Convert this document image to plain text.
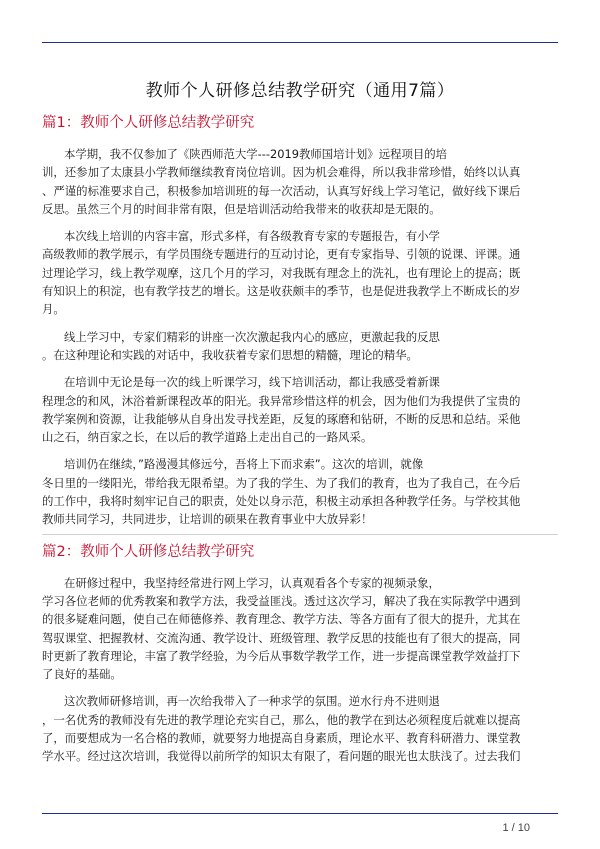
教师个人研修总结教学研究（通用7篇）
篇1：教师个人研修总结教学研究
本学期，我不仅参加了《陕西师范大学---2019教师国培计划》远程项目的培
训，还参加了太康县小学教师继续教育岗位培训。因为机会难得，所以我非常珍惜，始终以认真
、严谨的标准要求自己，积极参加培训班的每一次活动，认真写好线上学习笔记，做好线下课后
反思。虽然三个月的时间非常有限，但是培训活动给我带来的收获却是无限的。
本次线上培训的内容丰富，形式多样，有各级教育专家的专题报告，有小学
高级教师的教学展示，有学员围绕专题进行的互动讨论，更有专家指导、引领的说课、评课。通
过理论学习，线上教学观摩，这几个月的学习，对我既有理念上的洗礼，也有理论上的提高；既
有知识上的积淀，也有教学技艺的增长。这是收获颇丰的季节，也是促进我教学上不断成长的岁
月。
线上学习中，专家们精彩的讲座一次次激起我内心的感应，更激起我的反思
。在这种理论和实践的对话中，我收获着专家们思想的精髓，理论的精华。
在培训中无论是每一次的线上听课学习，线下培训活动，都让我感受着新课
程理念的和风，沐浴着新课程改革的阳光。我异常珍惜这样的机会，因为他们为我提供了宝贵的
教学案例和资源，让我能够从自身出发寻找差距，反复的琢磨和钻研，不断的反思和总结。采他
山之石，纳百家之长，在以后的教学道路上走出自己的一路风采。
培训仍在继续，”路漫漫其修远兮，吾将上下而求索”。这次的培训，就像
冬日里的一缕阳光，带给我无限希望。为了我的学生、为了我们的教育，也为了我自己，在今后
的工作中，我将时刻牢记自己的职责，处处以身示范，积极主动承担各种教学任务。与学校其他
教师共同学习，共同进步，让培训的硕果在教育事业中大放异彩！
篇2：教师个人研修总结教学研究
在研修过程中，我坚持经常进行网上学习，认真观看各个专家的视频录象，
学习各位老师的优秀教案和教学方法，我受益匪浅。透过这次学习，解决了我在实际教学中遇到
的很多疑难问题，使自己在师德修养、教育理念、教学方法、等各方面有了很大的提升，尤其在
驾驭课堂、把握教材、交流沟通、教学设计、班级管理、教学反思的技能也有了很大的提高，同
时更新了教育理论，丰富了教学经验，为今后从事数学教学工作，进一步提高课堂教学效益打下
了良好的基础。
这次教师研修培训，再一次给我带入了一种求学的氛围。逆水行舟不进则退
，一名优秀的教师没有先进的教学理论充实自己，那么，他的教学在到达必须程度后就难以提高
了，而要想成为一名合格的教师，就要努力地提高自身素质，理论水平、教育科研潜力、课堂教
学水平。经过这次培训，我觉得以前所学的知识太有限了，看问题的眼光也太肤浅了。过去我们
1 / 10
